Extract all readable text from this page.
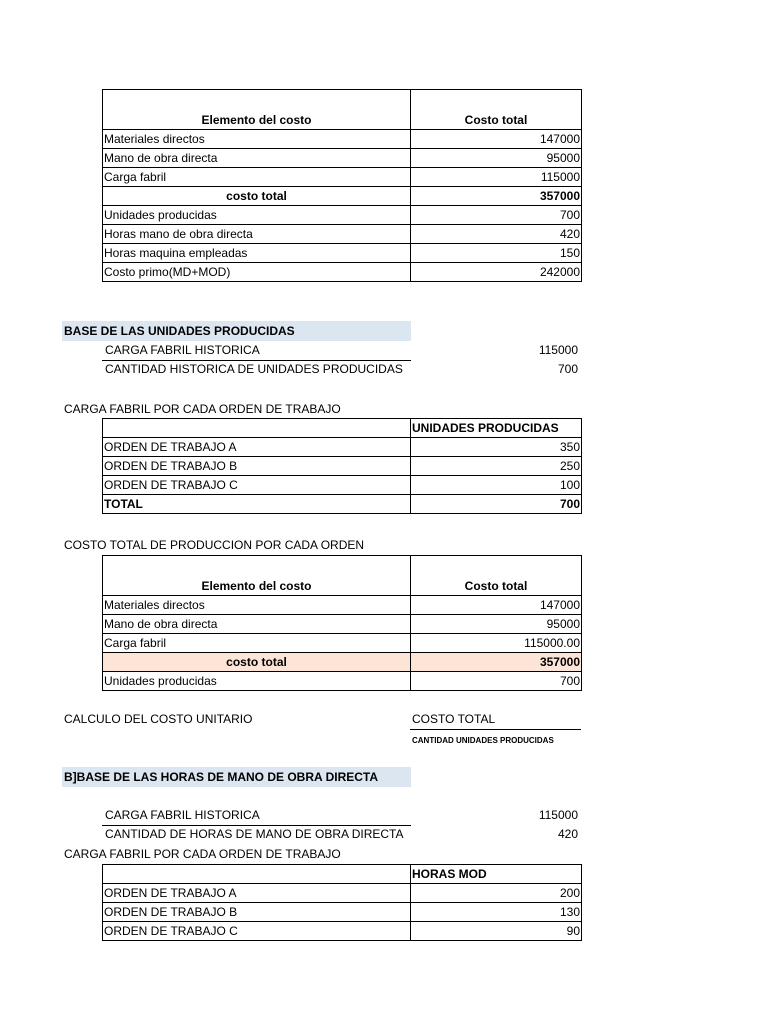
Elemento del costo	Costo total
Materiales directos	147000
Mano de obra directa	95000
Carga fabril	115000
costo total	357000
Unidades producidas	700
Horas mano de obra directa	420
Horas maquina empleadas	150
Costo primo(MD+MOD)	242000
BASE DE LAS UNIDADES PRODUCIDAS
CARGA FABRIL HISTORICA	115000
CANTIDAD HISTORICA DE UNIDADES PRODUCIDAS	700
CARGA FABRIL POR CADA ORDEN DE TRABAJO
	UNIDADES PRODUCIDAS
ORDEN DE TRABAJO A	350
ORDEN DE TRABAJO B	250
ORDEN DE TRABAJO C	100
TOTAL	700
COSTO TOTAL DE PRODUCCION POR CADA ORDEN
Elemento del costo	Costo total
Materiales directos	147000
Mano de obra directa	95000
Carga fabril	115000.00
costo total	357000
Unidades producidas	700
CALCULO DEL COSTO UNITARIO	COSTO TOTAL
CANTIDAD UNIDADES PRODUCIDAS
B]BASE DE LAS HORAS DE MANO DE OBRA DIRECTA
CARGA FABRIL HISTORICA	115000
CANTIDAD DE HORAS DE MANO DE OBRA DIRECTA	420
CARGA FABRIL POR CADA ORDEN DE TRABAJO
	HORAS MOD
ORDEN DE TRABAJO A	200
ORDEN DE TRABAJO B	130
ORDEN DE TRABAJO C	90
